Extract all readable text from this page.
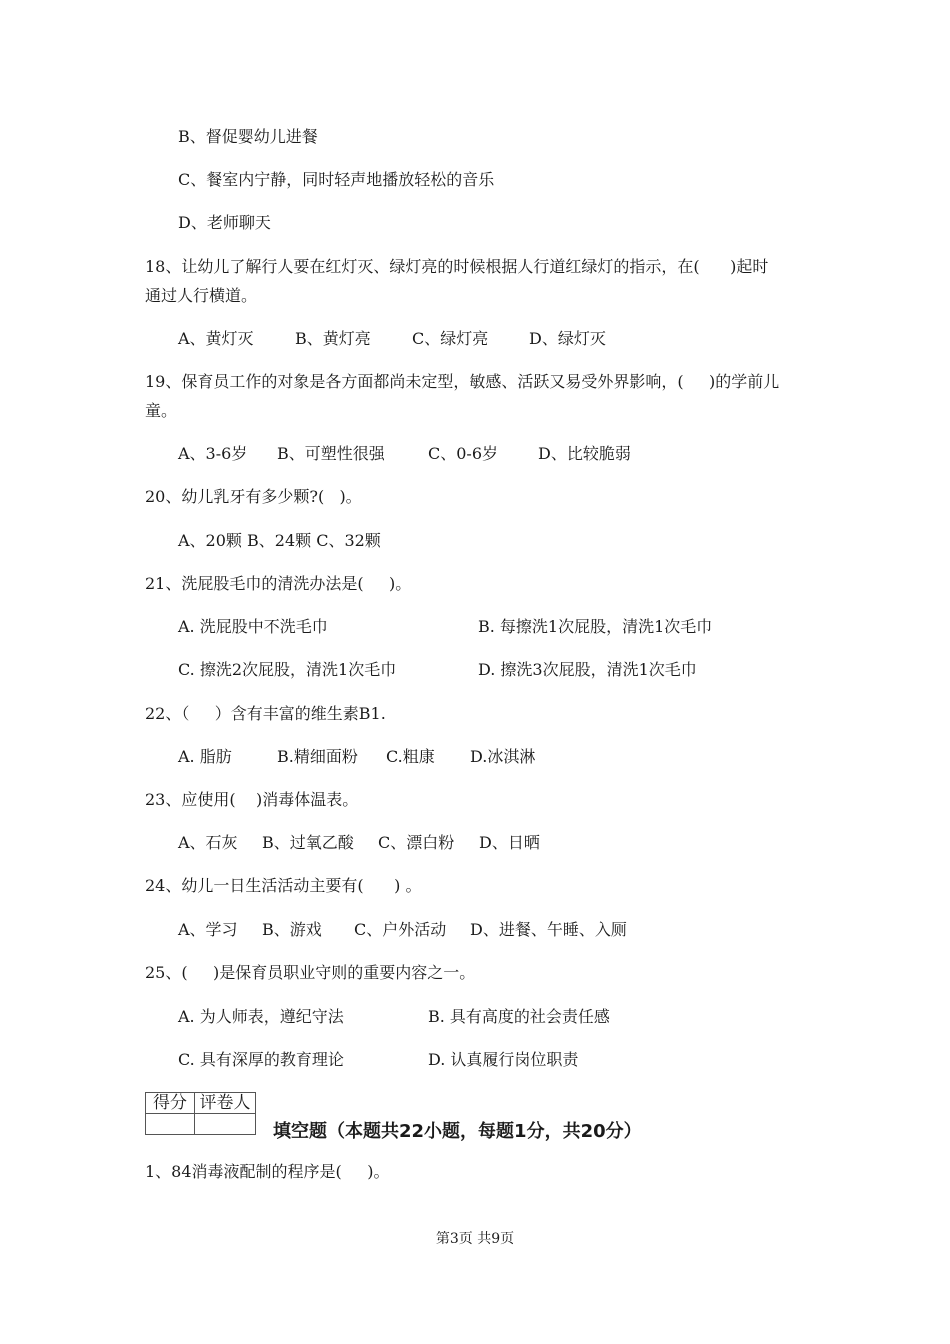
B、督促婴幼儿进餐
C、餐室内宁静，同时轻声地播放轻松的音乐
D、老师聊天
18、让幼儿了解行人要在红灯灭、绿灯亮的时候根据人行道红绿灯的指示，在(      )起时
通过人行横道。
A、黄灯灭	B、黄灯亮	C、绿灯亮	D、绿灯灭
19、保育员工作的对象是各方面都尚未定型，敏感、活跃又易受外界影响，(     )的学前儿
童。
A、3-6岁 B、可塑性很强	C、0-6岁 D、比较脆弱
20、幼儿乳牙有多少颗?(   )。
A、20颗 B、24颗 C、32颗
21、洗屁股毛巾的清洗办法是(     )。
A. 洗屁股中不洗毛巾	B. 每擦洗1次屁股，清洗1次毛巾
C. 擦洗2次屁股，清洗1次毛巾	D. 擦洗3次屁股，清洗1次毛巾
22、（     ）含有丰富的维生素B1.
A. 脂肪	B.精细面粉 C.粗康 D.冰淇淋
23、应使用(    )消毒体温表。
A、石灰 B、过氧乙酸 C、漂白粉 D、日晒
24、幼儿一日生活活动主要有(      ) 。
A、学习 B、游戏 C、户外活动 D、进餐、午睡、入厕
25、(     )是保育员职业守则的重要内容之一。
A. 为人师表，遵纪守法	B. 具有高度的社会责任感
C. 具有深厚的教育理论	D. 认真履行岗位职责
得分	评卷人

填空题（本题共22小题，每题1分，共20分）
1、84消毒液配制的程序是(     )。
第3页 共9页
